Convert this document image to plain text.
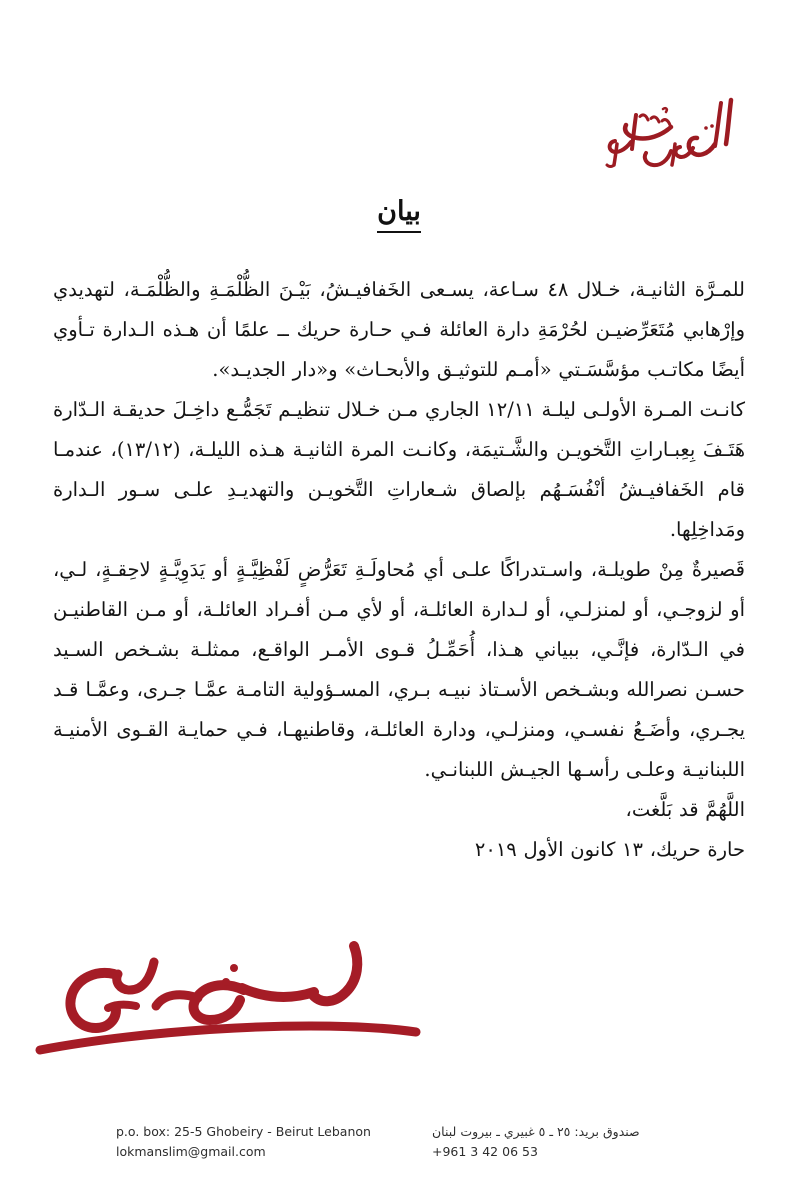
بيان

للمـرَّة الثانيـة، خـلال ٤٨ سـاعة، يسـعى الخَفافيـشُ، بَيْـنَ الظُّلْمَـةِ والظُّلْمَـة، لتهديدي وإرْهابي مُتَعَرِّضيـن لحُرْمَةِ دارة العائلة فـي حـارة حريك ــ علمًا أن هـذه الـدارة تـأوي أيضًا مكاتـب مؤسَّسَـتي «أمـم للتوثيـق والأبحـاث» و«دار الجديـد».

كانـت المـرة الأولـى ليلـة ١٢/١١ الجاري مـن خـلال تنظيـم تَجَمُّـع داخِـلَ حديقـة الـدّارة هَتَـفَ بِعِبـاراتِ التَّخويـن والشَّـتيمَة، وكانـت المرة الثانيـة هـذه الليلـة، (١٣/١٢)، عندمـا قام الخَفافيـشُ أنْفُسَـهُم بإلصاق شـعاراتِ التَّخويـن والتهديـدِ علـى سـور الـدارة ومَداخِلِها.

قَصيرةٌ مِنْ طويلـة، واسـتدراكًا علـى أي مُحاولَـةِ تَعَرُّضٍ لَفْظِيَّـةٍ أو يَدَوِيَّـةٍ لاحِقـةٍ، لـي، أو لزوجـي، أو لمنزلـي، أو لـدارة العائلـة، أو لأي مـن أفـراد العائلـة، أو مـن القاطنيـن في الـدّارة، فإنَّـي، ببياني هـذا، أُحَمِّـلُ قـوى الأمـر الواقـع، ممثلـة بشـخص السـيد حسـن نصرالله وبشـخص الأسـتاذ نبيـه بـري، المسـؤولية التامـة عمَّـا جـرى، وعمَّـا قـد يجـري، وأضَـعُ نفسـي، ومنزلـي، ودارة العائلـة، وقاطنيهـا، فـي حمايـة القـوى الأمنيـة اللبنانيـة وعلـى رأسـها الجيـش اللبنانـي.

اللَّهُمَّ قد بَلَّغت،

حارة حريك، ١٣ كانون الأول ٢٠١٩

صندوق بريد: ٢٥ ـ ٥ غبيري ـ بيروت لبنان
+961 3 42 06 53
p.o. box: 25-5 Ghobeiry - Beirut Lebanon
lokmanslim@gmail.com
